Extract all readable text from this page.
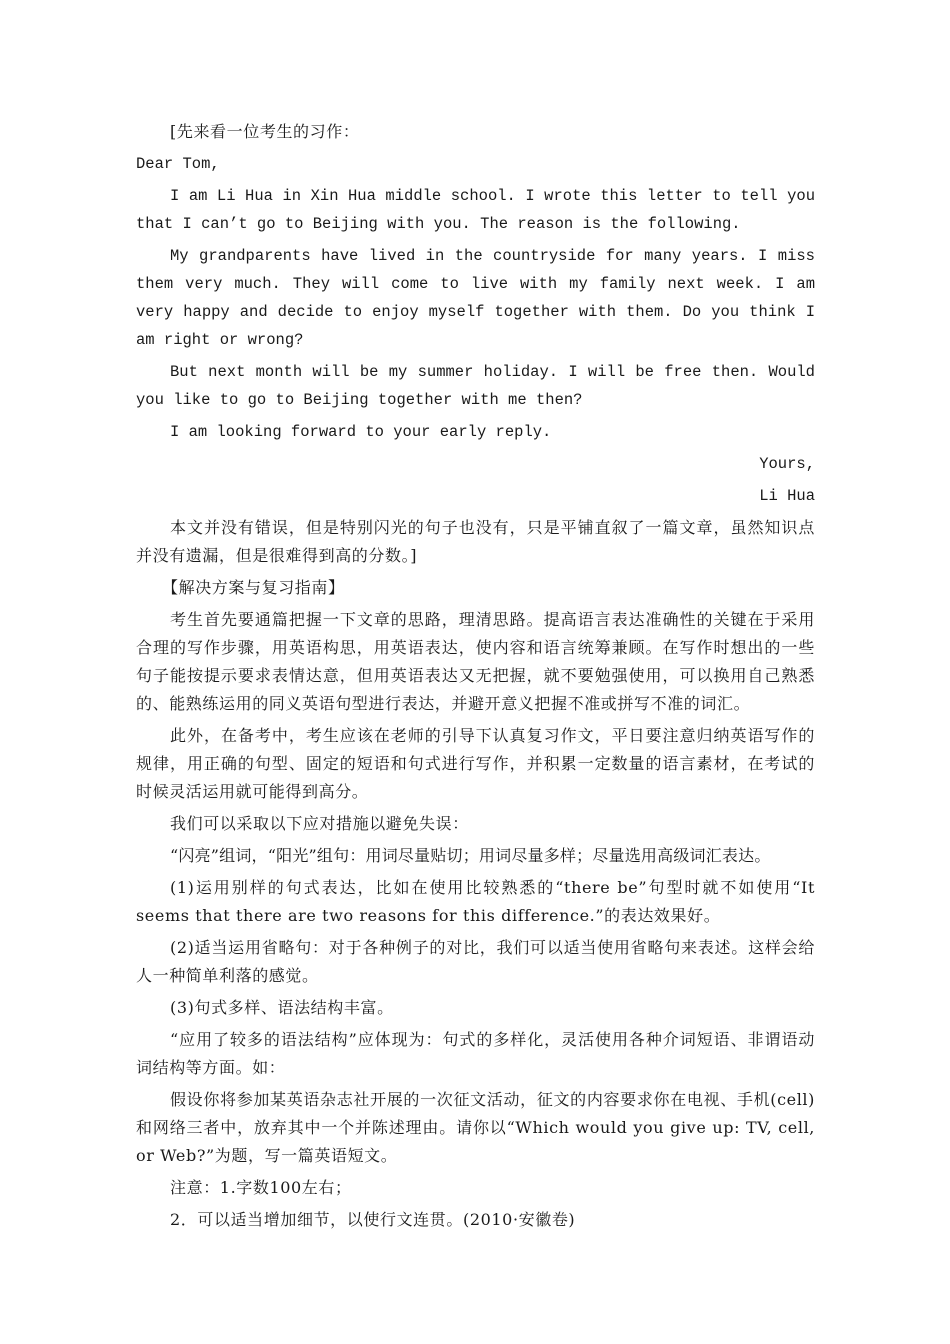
[先来看一位考生的习作：

Dear Tom,

I am Li Hua in Xin Hua middle school. I wrote this letter to tell you that I can’t go to Beijing with you. The reason is the following.

My grandparents have lived in the countryside for many years. I miss them very much. They will come to live with my family next week. I am very happy and decide to enjoy myself together with them. Do you think I am right or wrong?

But next month will be my summer holiday. I will be free then. Would you like to go to Beijing together with me then?

I am looking forward to your early reply.

Yours,

Li Hua

本文并没有错误，但是特别闪光的句子也没有，只是平铺直叙了一篇文章，虽然知识点并没有遗漏，但是很难得到高的分数。]

【解决方案与复习指南】

考生首先要通篇把握一下文章的思路，理清思路。提高语言表达准确性的关键在于采用合理的写作步骤，用英语构思，用英语表达，使内容和语言统筹兼顾。在写作时想出的一些句子能按提示要求表情达意，但用英语表达又无把握，就不要勉强使用，可以换用自己熟悉的、能熟练运用的同义英语句型进行表达，并避开意义把握不准或拼写不准的词汇。

此外，在备考中，考生应该在老师的引导下认真复习作文，平日要注意归纳英语写作的规律，用正确的句型、固定的短语和句式进行写作，并积累一定数量的语言素材，在考试的时候灵活运用就可能得到高分。

我们可以采取以下应对措施以避免失误：

“闪亮”组词，“阳光”组句：用词尽量贴切；用词尽量多样；尽量选用高级词汇表达。

(1)运用别样的句式表达，比如在使用比较熟悉的“there be”句型时就不如使用“It seems that there are two reasons for this difference.”的表达效果好。

(2)适当运用省略句：对于各种例子的对比，我们可以适当使用省略句来表述。这样会给人一种简单利落的感觉。

(3)句式多样、语法结构丰富。

“应用了较多的语法结构”应体现为：句式的多样化，灵活使用各种介词短语、非谓语动词结构等方面。如：

假设你将参加某英语杂志社开展的一次征文活动，征文的内容要求你在电视、手机(cell)和网络三者中，放弃其中一个并陈述理由。请你以“Which would you give up: TV, cell, or Web?”为题，写一篇英语短文。

注意：1.字数100左右；

2．可以适当增加细节，以使行文连贯。(2010·安徽卷)
